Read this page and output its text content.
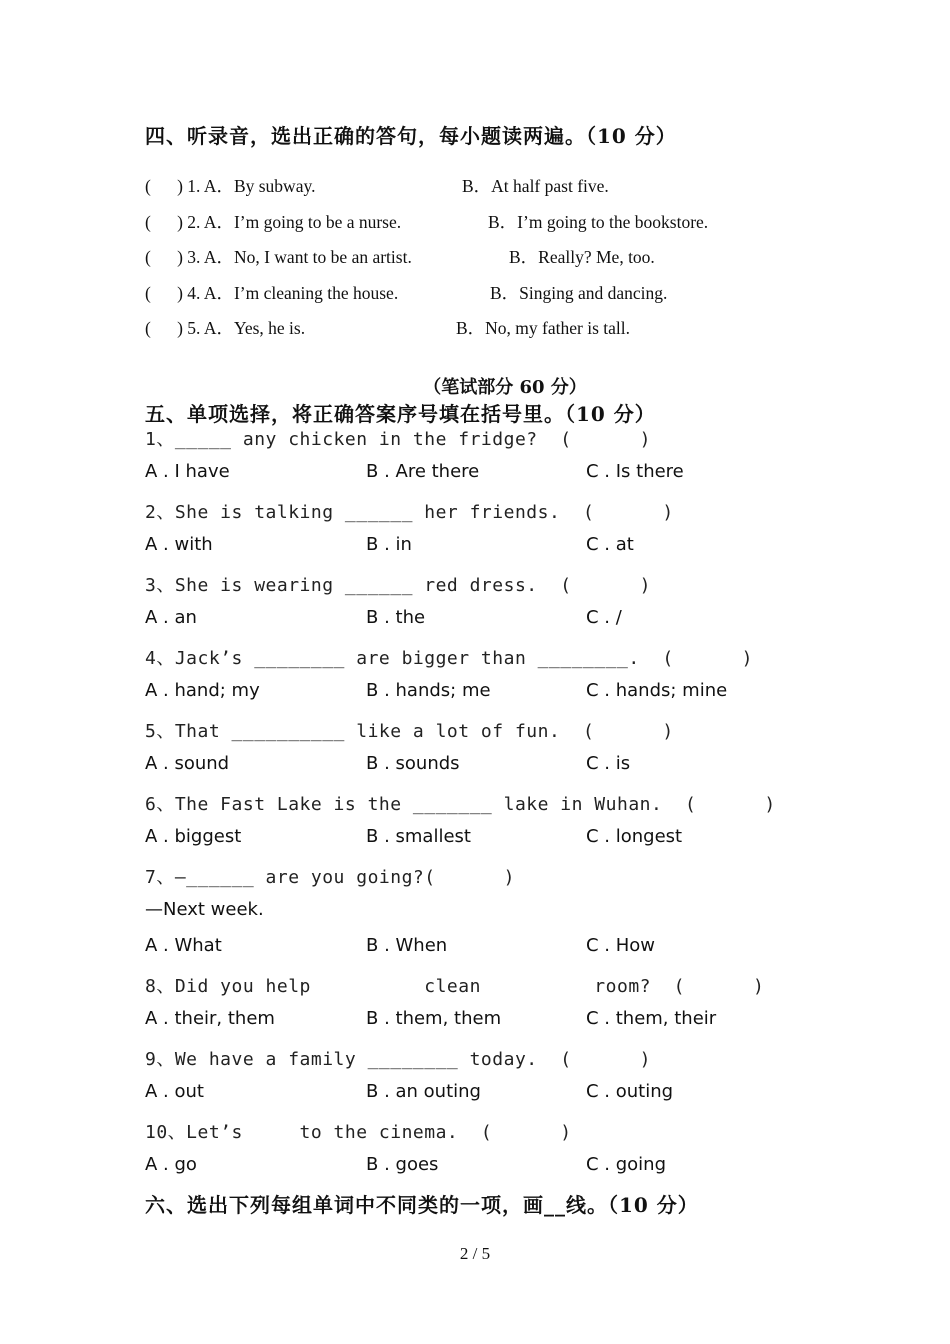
四、听录音，选出正确的答句，每小题读两遍。（10 分）
(      ) 1. A．By subway.	B．At half past five.
(      ) 2. A．I’m going to be a nurse.	B．I’m going to the bookstore.
(      ) 3. A．No, I want to be an artist.	B．Really? Me, too.
(      ) 4. A．I’m cleaning the house.	B．Singing and dancing.
(      ) 5. A．Yes, he is.	B．No, my father is tall.
（笔试部分 60 分）
五、单项选择，将正确答案序号填在括号里。（10 分）
1、_____ any chicken in the fridge?  (      )
A . I have	B . Are there	C . Is there
2、She is talking ______ her friends.  (      )
A . with	B . in	C . at
3、She is wearing ______ red dress.  (      )
A . an	B . the	C . /
4、Jack’s ________ are bigger than ________.  (      )
A . hand; my	B . hands; me	C . hands; mine
5、That __________ like a lot of fun.  (      )
A . sound	B . sounds	C . is
6、The Fast Lake is the _______ lake in Wuhan.  (      )
A . biggest	B . smallest	C . longest
7、—______ are you going?(      )
—Next week.
A . What	B . When	C . How
8、Did you help          clean          room?  (      )
A . their, them	B . them, them	C . them, their
9、We have a family ________ today.  (      )
A . out	B . an outing	C . outing
10、Let’s     to the cinema.  (      )
A . go	B . goes	C . going
六、选出下列每组单词中不同类的一项，画__线。（10 分）
2 / 5
